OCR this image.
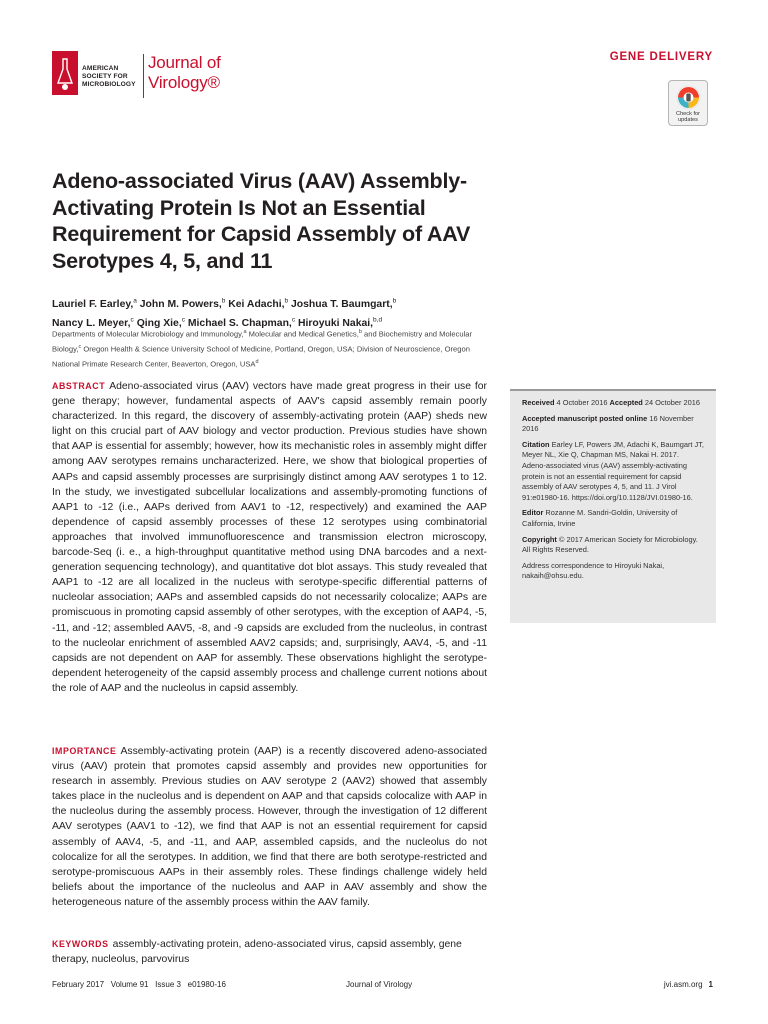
AMERICAN
SOCIETY FOR
MICROBIOLOGY
Journal of
Virology®
GENE DELIVERY
Check for
updates
Adeno-associated Virus (AAV) Assembly-Activating Protein Is Not an Essential Requirement for Capsid Assembly of AAV Serotypes 4, 5, and 11
Lauriel F. Earley,$^a$ John M. Powers,$^b$ Kei Adachi,$^b$ Joshua T. Baumgart,$^b$
Nancy L. Meyer,$^c$ Qing Xie,$^c$ Michael S. Chapman,$^c$ Hiroyuki Nakai,$^{b,d}$
Departments of Molecular Microbiology and Immunology,$^a$ Molecular and Medical Genetics,$^b$ and Biochemistry and Molecular Biology,$^c$ Oregon Health & Science University School of Medicine, Portland, Oregon, USA; Division of Neuroscience, Oregon National Primate Research Center, Beaverton, Oregon, USA$^d$
ABSTRACT Adeno-associated virus (AAV) vectors have made great progress in their use for gene therapy; however, fundamental aspects of AAV's capsid assembly remain poorly characterized. In this regard, the discovery of assembly-activating protein (AAP) sheds new light on this crucial part of AAV biology and vector production. Previous studies have shown that AAP is essential for assembly; however, how its mechanistic roles in assembly might differ among AAV serotypes remains uncharacterized. Here, we show that biological properties of AAPs and capsid assembly processes are surprisingly distinct among AAV serotypes 1 to 12. In the study, we investigated subcellular localizations and assembly-promoting functions of AAP1 to -12 (i.e., AAPs derived from AAV1 to -12, respectively) and examined the AAP dependence of capsid assembly processes of these 12 serotypes using combinatorial approaches that involved immunofluorescence and transmission electron microscopy, barcode-Seq (i. e., a high-throughput quantitative method using DNA barcodes and a next-generation sequencing technology), and quantitative dot blot assays. This study revealed that AAP1 to -12 are all localized in the nucleus with serotype-specific differential patterns of nucleolar association; AAPs and assembled capsids do not necessarily colocalize; AAPs are promiscuous in promoting capsid assembly of other serotypes, with the exception of AAP4, -5, -11, and -12; assembled AAV5, -8, and -9 capsids are excluded from the nucleolus, in contrast to the nucleolar enrichment of assembled AAV2 capsids; and, surprisingly, AAV4, -5, and -11 capsids are not dependent on AAP for assembly. These observations highlight the serotype-dependent heterogeneity of the capsid assembly process and challenge current notions about the role of AAP and the nucleolus in capsid assembly.
IMPORTANCE Assembly-activating protein (AAP) is a recently discovered adeno-associated virus (AAV) protein that promotes capsid assembly and provides new opportunities for research in assembly. Previous studies on AAV serotype 2 (AAV2) showed that assembly takes place in the nucleolus and is dependent on AAP and that capsids colocalize with AAP in the nucleolus during the assembly process. However, through the investigation of 12 different AAV serotypes (AAV1 to -12), we find that AAP is not an essential requirement for capsid assembly of AAV4, -5, and -11, and AAP, assembled capsids, and the nucleolus do not colocalize for all the serotypes. In addition, we find that there are both serotype-restricted and serotype-promiscuous AAPs in their assembly roles. These findings challenge widely held beliefs about the importance of the nucleolus and AAP in AAV assembly and show the heterogeneous nature of the assembly process within the AAV family.
KEYWORDS assembly-activating protein, adeno-associated virus, capsid assembly, gene therapy, nucleolus, parvovirus

Received 4 October 2016 Accepted 24 October 2016

Accepted manuscript posted online 16 November 2016

Citation Earley LF, Powers JM, Adachi K, Baumgart JT, Meyer NL, Xie Q, Chapman MS, Nakai H. 2017. Adeno-associated virus (AAV) assembly-activating protein is not an essential requirement for capsid assembly of AAV serotypes 4, 5, and 11. J Virol 91:e01980-16. https://doi.org/10.1128/JVI.01980-16.

Editor Rozanne M. Sandri-Goldin, University of California, Irvine

Copyright © 2017 American Society for Microbiology. All Rights Reserved.

Address correspondence to Hiroyuki Nakai, nakaih@ohsu.edu.

February 2017   Volume 91   Issue 3   e01980-16	Journal of Virology	jvi.asm.org 1
